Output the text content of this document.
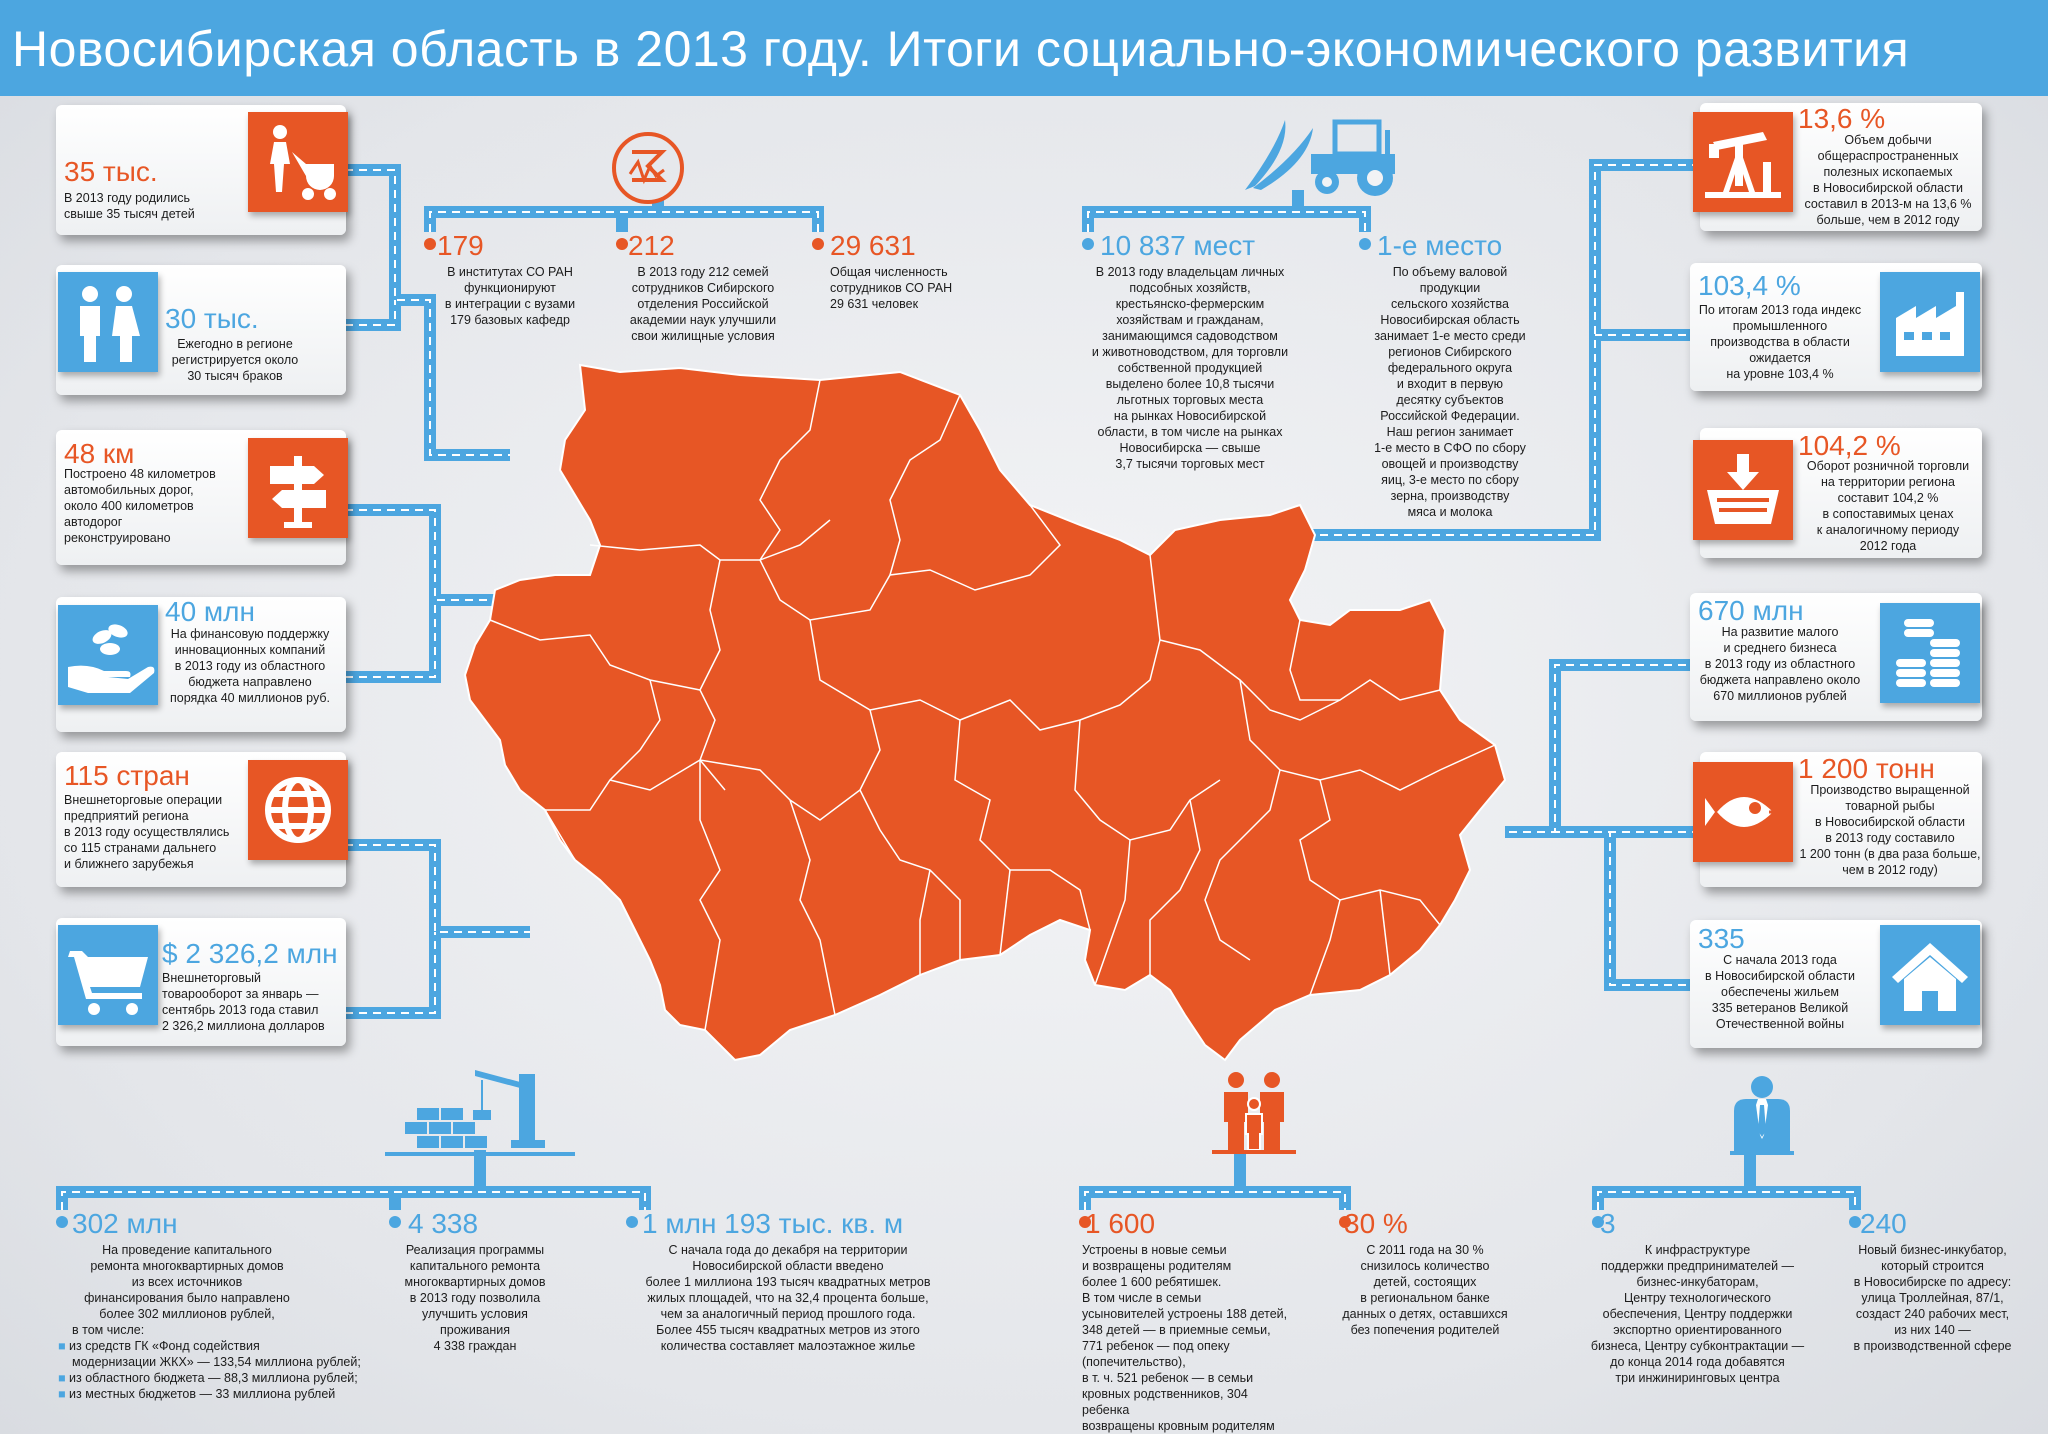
Новосибирская область в 2013 году. Итоги социально-экономического развития
35 тыс.
В 2013 году родились
свыше 35 тысяч детей
30 тыс.
Ежегодно в регионе
регистрируется около
30 тысяч браков
48 км
Построено 48 километров
автомобильных дорог,
около 400 километров
автодорог
реконструировано
40 млн
На финансовую поддержку
инновационных компаний
в 2013 году из областного
бюджета направлено
порядка 40 миллионов руб.
115 стран
Внешнеторговые операции
предприятий региона
в 2013 году осуществлялись
со 115 странами дальнего
и ближнего зарубежья
$ 2 326,2 млн
Внешнеторговый
товарооборот за январь —
сентябрь 2013 года ставил
2 326,2 миллиона долларов
13,6 %
Объем добычи
общераспространенных
полезных ископаемых
в Новосибирской области
составил в 2013-м на 13,6 %
больше, чем в 2012 году
103,4 %
По итогам 2013 года индекс
промышленного
производства в области
ожидается
на уровне 103,4 %
104,2 %
Оборот розничной торговли
на территории региона
составит 104,2 %
в сопоставимых ценах
к аналогичному периоду
2012 года
670 млн
На развитие малого
и среднего бизнеса
в 2013 году из областного
бюджета направлено около
670 миллионов рублей
1 200 тонн
Производство выращенной
товарной рыбы
в Новосибирской области
в 2013 году составило
1 200 тонн (в два раза больше,
чем в 2012 году)
335
С начала 2013 года
в Новосибирской области
обеспечены жильем
335 ветеранов Великой
Отечественной войны
179
В институтах СО РАН
функционируют
в интеграции с вузами
179 базовых кафедр
212
В 2013 году 212 семей
сотрудников Сибирского
отделения Российской
академии наук улучшили
свои жилищные условия
29 631
Общая численность
сотрудников СО РАН
29 631 человек
10 837 мест
В 2013 году владельцам личных
подсобных хозяйств,
крестьянско-фермерским
хозяйствам и гражданам,
занимающимся садоводством
и животноводством, для торговли
собственной продукцией
выделено более 10,8 тысячи
льготных торговых места
на рынках Новосибирской
области, в том числе на рынках
Новосибирска — свыше
3,7 тысячи торговых мест
1-е место
По объему валовой продукции
сельского хозяйства
Новосибирская область
занимает 1-е место среди
регионов Сибирского
федерального округа
и входит в первую
десятку субъектов
Российской Федерации.
Наш регион занимает
1-е место в СФО по сбору
овощей и производству
яиц, 3-е место по сбору
зерна, производству
мяса и молока
302 млн
На проведение капитального
ремонта многоквартирных домов
из всех источников
финансирования было направлено
более 302 миллионов рублей,
в том числе:
■ из средств ГК «Фонд содействия
модернизации ЖКХ» — 133,54 миллиона рублей;
■ из областного бюджета — 88,3 миллиона рублей;
■ из местных бюджетов — 33 миллиона рублей
4 338
Реализация программы
капитального ремонта
многоквартирных домов
в 2013 году позволила
улучшить условия
проживания
4 338 граждан
1 млн 193 тыс. кв. м
С начала года до декабря на территории
Новосибирской области введено
более 1 миллиона 193 тысяч квадратных метров
жилых площадей, что на 32,4 процента больше,
чем за аналогичный период прошлого года.
Более 455 тысяч квадратных метров из этого
количества составляет малоэтажное жилье
1 600
Устроены в новые семьи
и возвращены родителям
более 1 600 ребятишек.
В том числе в семьи
усыновителей устроены 188 детей,
348 детей — в приемные семьи,
771 ребенок — под опеку
(попечительство),
в т. ч. 521 ребенок — в семьи
кровных родственников, 304 ребенка
возвращены кровным родителям
30 %
С 2011 года на 30 %
снизилось количество
детей, состоящих
в региональном банке
данных о детях, оставшихся
без попечения родителей
3
К инфраструктуре
поддержки предпринимателей —
бизнес-инкубаторам,
Центру технологического
обеспечения, Центру поддержки
экспортно ориентированного
бизнеса, Центру субконтрактации —
до конца 2014 года добавятся
три инжиниринговых центра
240
Новый бизнес-инкубатор,
который строится
в Новосибирске по адресу:
улица Троллейная, 87/1,
создаст 240 рабочих мест,
из них 140 —
в производственной сфере
